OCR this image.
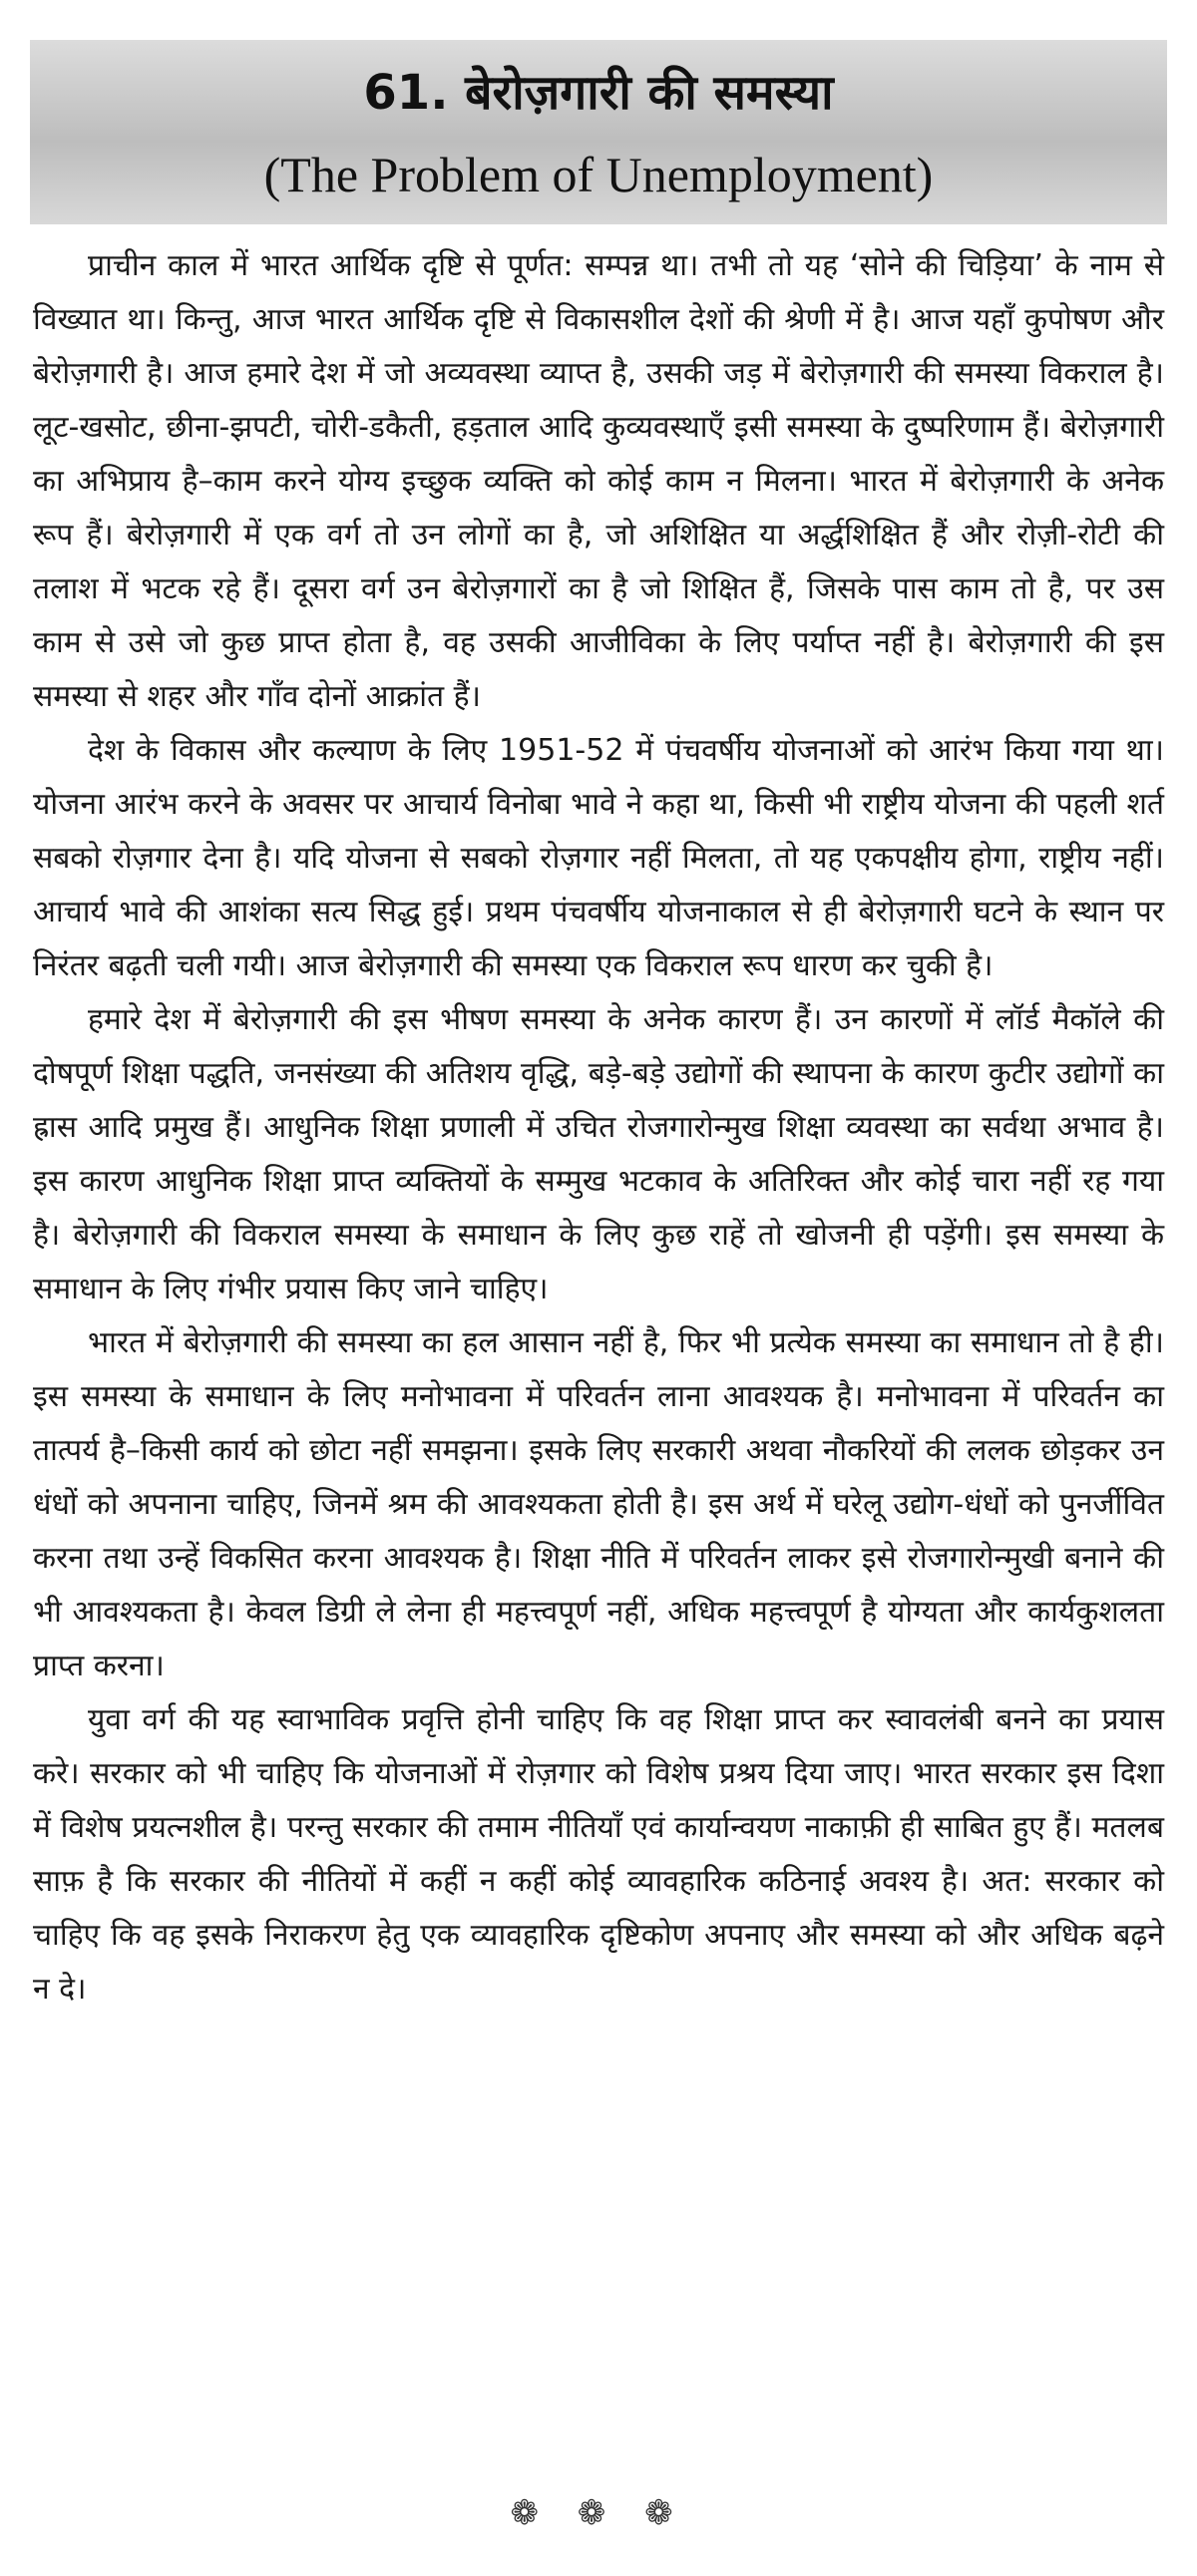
61. बेरोज़गारी की समस्या
(The Problem of Unemployment)

प्राचीन काल में भारत आर्थिक दृष्टि से पूर्णत: सम्पन्न था। तभी तो यह ‘सोने की चिड़िया’ के नाम से विख्यात था। किन्तु, आज भारत आर्थिक दृष्टि से विकासशील देशों की श्रेणी में है। आज यहाँ कुपोषण और बेरोज़गारी है। आज हमारे देश में जो अव्यवस्था व्याप्त है, उसकी जड़ में बेरोज़गारी की समस्या विकराल है। लूट-खसोट, छीना-झपटी, चोरी-डकैती, हड़ताल आदि कुव्यवस्थाएँ इसी समस्या के दुष्परिणाम हैं। बेरोज़गारी का अभिप्राय है–काम करने योग्य इच्छुक व्यक्ति को कोई काम न मिलना। भारत में बेरोज़गारी के अनेक रूप हैं। बेरोज़गारी में एक वर्ग तो उन लोगों का है, जो अशिक्षित या अर्द्धशिक्षित हैं और रोज़ी-रोटी की तलाश में भटक रहे हैं। दूसरा वर्ग उन बेरोज़गारों का है जो शिक्षित हैं, जिसके पास काम तो है, पर उस काम से उसे जो कुछ प्राप्त होता है, वह उसकी आजीविका के लिए पर्याप्त नहीं है। बेरोज़गारी की इस समस्या से शहर और गाँव दोनों आक्रांत हैं।

देश के विकास और कल्याण के लिए 1951-52 में पंचवर्षीय योजनाओं को आरंभ किया गया था। योजना आरंभ करने के अवसर पर आचार्य विनोबा भावे ने कहा था, किसी भी राष्ट्रीय योजना की पहली शर्त सबको रोज़गार देना है। यदि योजना से सबको रोज़गार नहीं मिलता, तो यह एकपक्षीय होगा, राष्ट्रीय नहीं। आचार्य भावे की आशंका सत्य सिद्ध हुई। प्रथम पंचवर्षीय योजनाकाल से ही बेरोज़गारी घटने के स्थान पर निरंतर बढ़ती चली गयी। आज बेरोज़गारी की समस्या एक विकराल रूप धारण कर चुकी है।

हमारे देश में बेरोज़गारी की इस भीषण समस्या के अनेक कारण हैं। उन कारणों में लॉर्ड मैकॉले की दोषपूर्ण शिक्षा पद्धति, जनसंख्या की अतिशय वृद्धि, बड़े-बड़े उद्योगों की स्थापना के कारण कुटीर उद्योगों का ह्रास आदि प्रमुख हैं। आधुनिक शिक्षा प्रणाली में उचित रोजगारोन्मुख शिक्षा व्यवस्था का सर्वथा अभाव है। इस कारण आधुनिक शिक्षा प्राप्त व्यक्तियों के सम्मुख भटकाव के अतिरिक्त और कोई चारा नहीं रह गया है। बेरोज़गारी की विकराल समस्या के समाधान के लिए कुछ राहें तो खोजनी ही पड़ेंगी। इस समस्या के समाधान के लिए गंभीर प्रयास किए जाने चाहिए।

भारत में बेरोज़गारी की समस्या का हल आसान नहीं है, फिर भी प्रत्येक समस्या का समाधान तो है ही। इस समस्या के समाधान के लिए मनोभावना में परिवर्तन लाना आवश्यक है। मनोभावना में परिवर्तन का तात्पर्य है–किसी कार्य को छोटा नहीं समझना। इसके लिए सरकारी अथवा नौकरियों की ललक छोड़कर उन धंधों को अपनाना चाहिए, जिनमें श्रम की आवश्यकता होती है। इस अर्थ में घरेलू उद्योग-धंधों को पुनर्जीवित करना तथा उन्हें विकसित करना आवश्यक है। शिक्षा नीति में परिवर्तन लाकर इसे रोजगारोन्मुखी बनाने की भी आवश्यकता है। केवल डिग्री ले लेना ही महत्त्वपूर्ण नहीं, अधिक महत्त्वपूर्ण है योग्यता और कार्यकुशलता प्राप्त करना।

युवा वर्ग की यह स्वाभाविक प्रवृत्ति होनी चाहिए कि वह शिक्षा प्राप्त कर स्वावलंबी बनने का प्रयास करे। सरकार को भी चाहिए कि योजनाओं में रोज़गार को विशेष प्रश्रय दिया जाए। भारत सरकार इस दिशा में विशेष प्रयत्नशील है। परन्तु सरकार की तमाम नीतियाँ एवं कार्यान्वयण नाकाफ़ी ही साबित हुए हैं। मतलब साफ़ है कि सरकार की नीतियों में कहीं न कहीं कोई व्यावहारिक कठिनाई अवश्य है। अत: सरकार को चाहिए कि वह इसके निराकरण हेतु एक व्यावहारिक दृष्टिकोण अपनाए और समस्या को और अधिक बढ़ने न दे।

❁ ❁ ❁
